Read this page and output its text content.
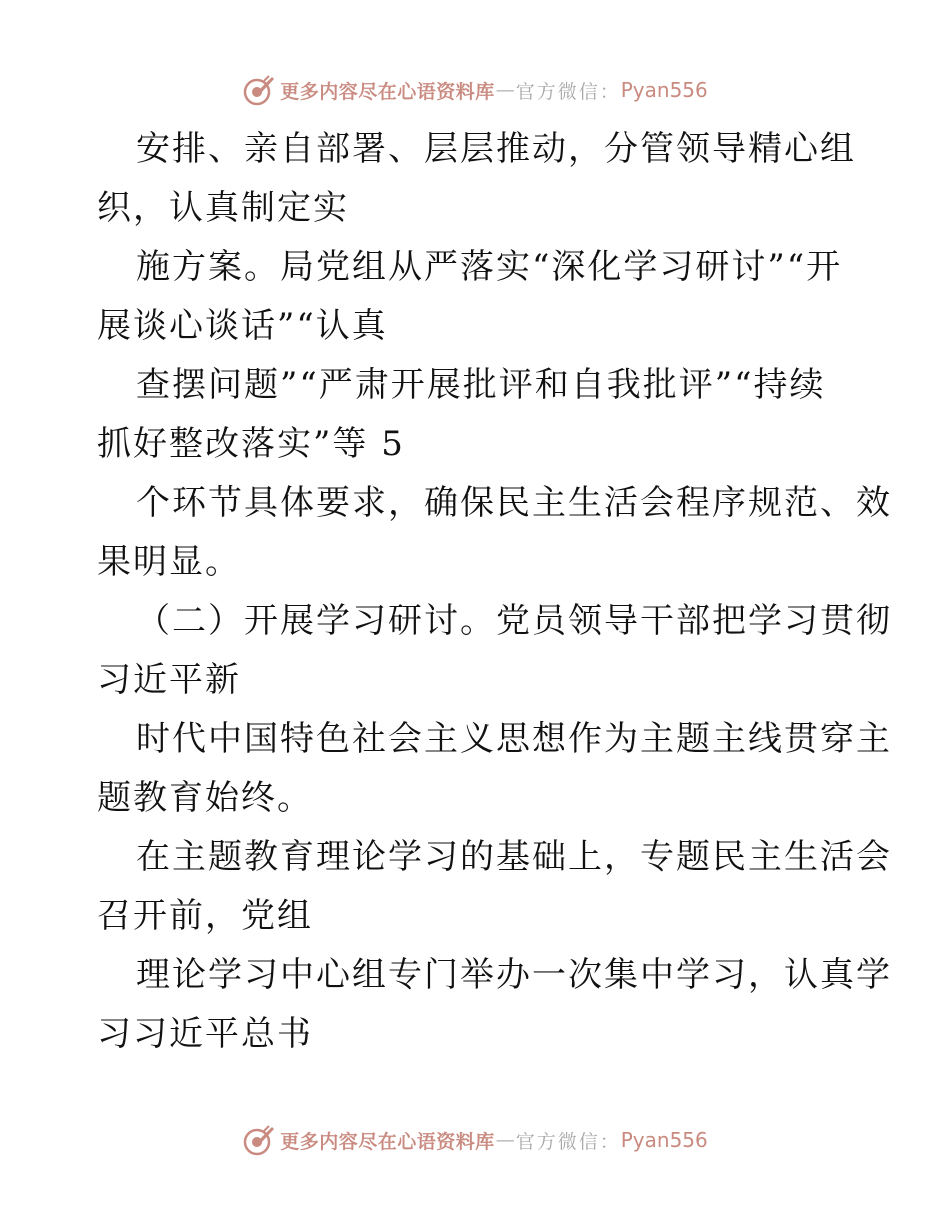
更多内容尽在心语资料库 — 官方微信： Pyan556
安排、亲自部署、层层推动，分管领导精心组
织，认真制定实
施方案。局党组从严落实“深化学习研讨”“开
展谈心谈话”“认真
查摆问题”“严肃开展批评和自我批评”“持续
抓好整改落实”等 5
个环节具体要求，确保民主生活会程序规范、效
果明显。
（二）开展学习研讨。党员领导干部把学习贯彻
习近平新
时代中国特色社会主义思想作为主题主线贯穿主
题教育始终。
在主题教育理论学习的基础上，专题民主生活会
召开前，党组
理论学习中心组专门举办一次集中学习，认真学
习习近平总书
更多内容尽在心语资料库 — 官方微信： Pyan556
